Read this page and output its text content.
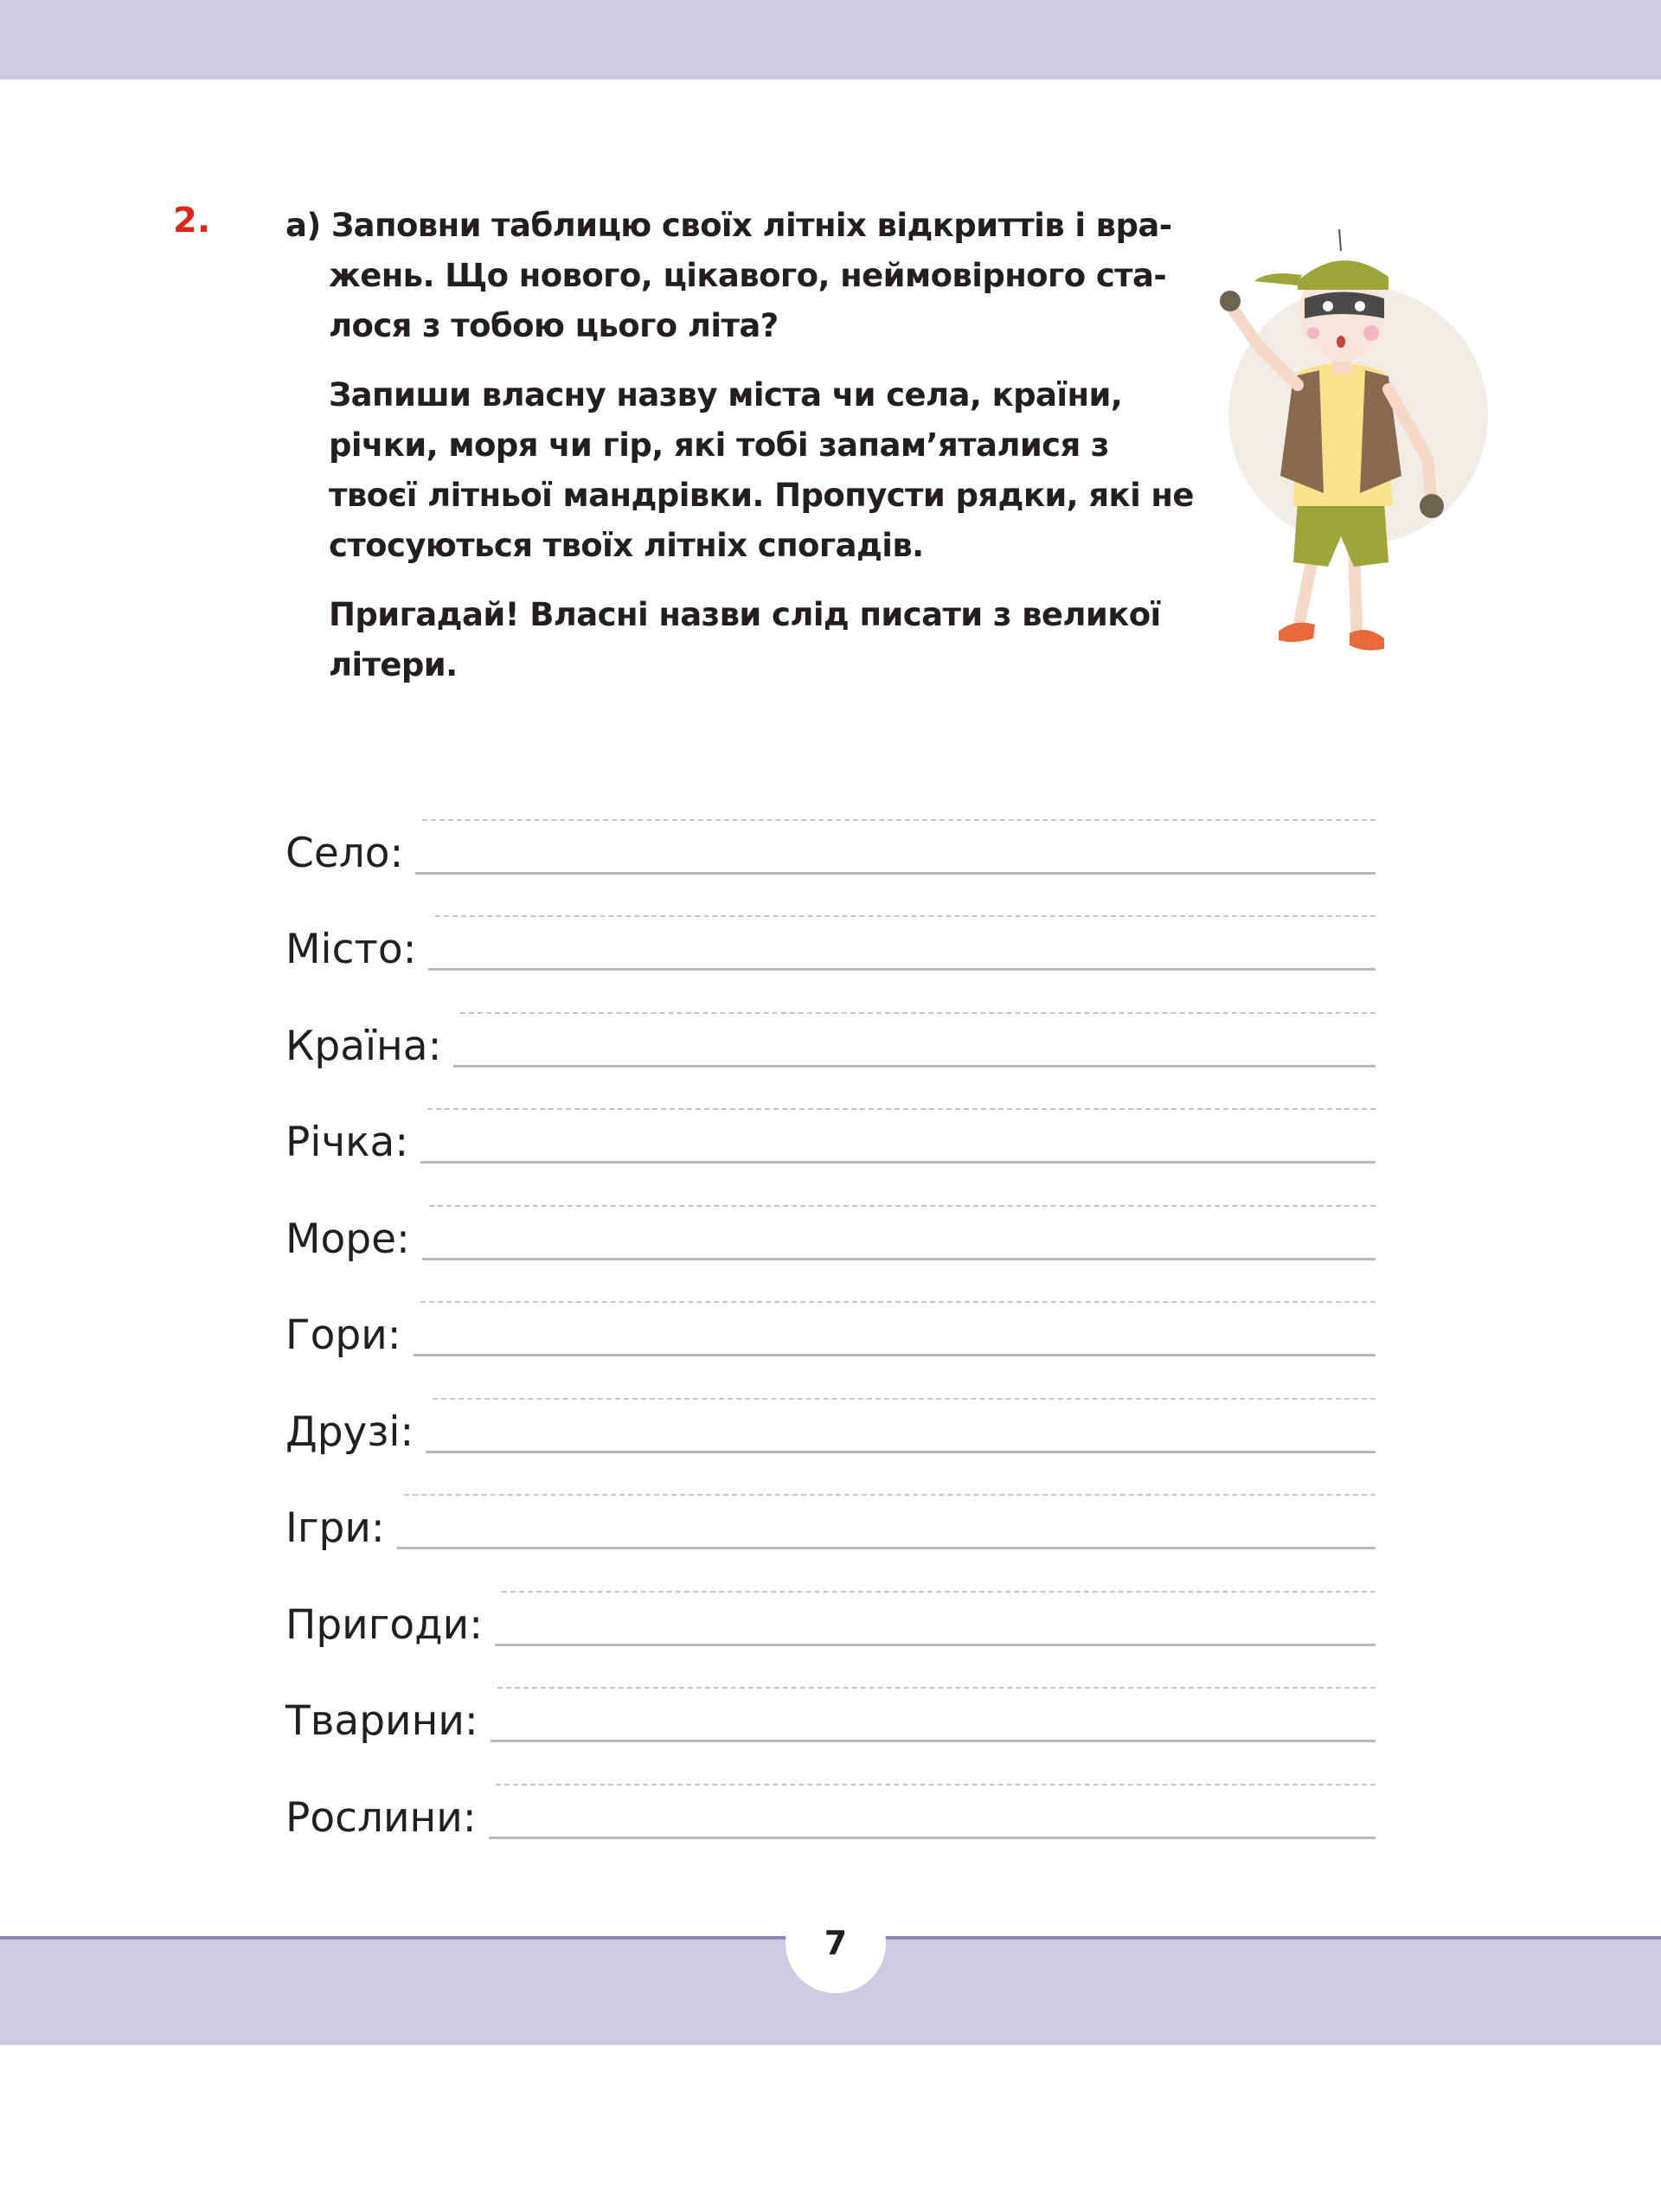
2. а) Заповни таблицю своїх літніх відкриттів і вра-жень. Що нового, цікавого, неймовірного ста-лося з тобою цього літа?

Запиши власну назву міста чи села, країни, річки, моря чи гір, які тобі запам’яталися з твоєї літньої мандрівки. Пропусти рядки, які не стосуються твоїх літніх спогадів.

Пригадай! Власні назви слід писати з великої літери.

Село:
Місто:
Країна:
Річка:
Море:
Гори:
Друзі:
Ігри:
Пригоди:
Тварини:
Рослини:
7
